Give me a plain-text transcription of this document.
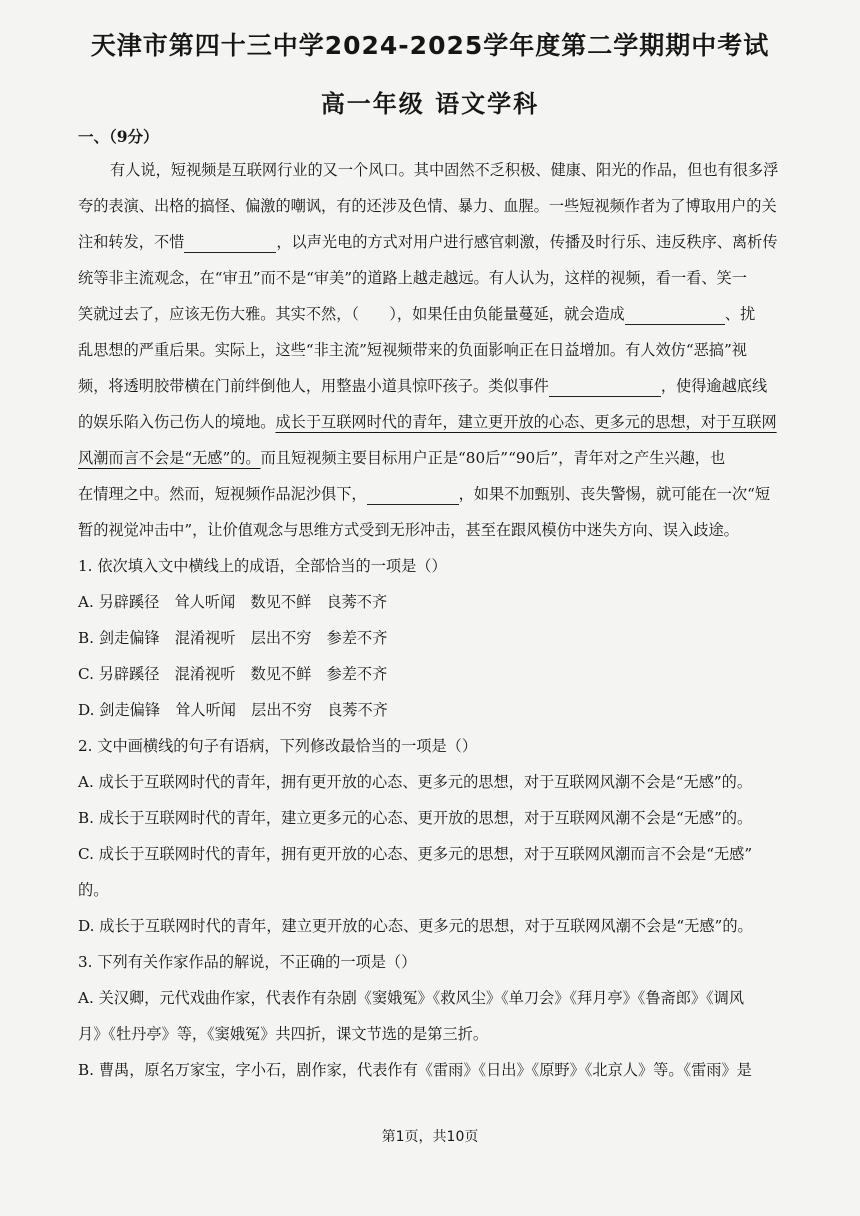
天津市第四十三中学2024-2025学年度第二学期期中考试
高一年级 语文学科
一、（9分）
有人说，短视频是互联网行业的又一个风口。其中固然不乏积极、健康、阳光的作品，但也有很多浮
夸的表演、出格的搞怪、偏激的嘲讽，有的还涉及色情、暴力、血腥。一些短视频作者为了博取用户的关
注和转发，不惜	，以声光电的方式对用户进行感官刺激，传播及时行乐、违反秩序、离析传
统等非主流观念，在“审丑”而不是“审美”的道路上越走越远。有人认为，这样的视频，看一看、笑一
笑就过去了，应该无伤大雅。其实不然，（　　），如果任由负能量蔓延，就会造成	、扰
乱思想的严重后果。实际上，这些“非主流”短视频带来的负面影响正在日益增加。有人效仿“恶搞”视
频，将透明胶带横在门前绊倒他人，用整蛊小道具惊吓孩子。类似事件	，使得逾越底线
的娱乐陷入伤己伤人的境地。成长于互联网时代的青年，建立更开放的心态、更多元的思想，对于互联网
风潮而言不会是“无感”的。而且短视频主要目标用户正是“80后”“90后”，青年对之产生兴趣，也
在情理之中。然而，短视频作品泥沙俱下，	，如果不加甄别、丧失警惕，就可能在一次“短
暂的视觉冲击中”，让价值观念与思维方式受到无形冲击，甚至在跟风模仿中迷失方向、误入歧途。
1. 依次填入文中横线上的成语，全部恰当的一项是（）
A. 另辟蹊径　耸人听闻　数见不鲜　良莠不齐
B. 剑走偏锋　混淆视听　层出不穷　参差不齐
C. 另辟蹊径　混淆视听　数见不鲜　参差不齐
D. 剑走偏锋　耸人听闻　层出不穷　良莠不齐
2. 文中画横线的句子有语病，下列修改最恰当的一项是（）
A. 成长于互联网时代的青年，拥有更开放的心态、更多元的思想，对于互联网风潮不会是“无感”的。
B. 成长于互联网时代的青年，建立更多元的心态、更开放的思想，对于互联网风潮不会是“无感”的。
C. 成长于互联网时代的青年，拥有更开放的心态、更多元的思想，对于互联网风潮而言不会是“无感”
的。
D. 成长于互联网时代的青年，建立更开放的心态、更多元的思想，对于互联网风潮不会是“无感”的。
3. 下列有关作家作品的解说，不正确的一项是（）
A. 关汉卿，元代戏曲作家，代表作有杂剧《窦娥冤》《救风尘》《单刀会》《拜月亭》《鲁斋郎》《调风
月》《牡丹亭》等，《窦娥冤》共四折，课文节选的是第三折。
B. 曹禺，原名万家宝，字小石，剧作家，代表作有《雷雨》《日出》《原野》《北京人》等。《雷雨》是
第1页，共10页
